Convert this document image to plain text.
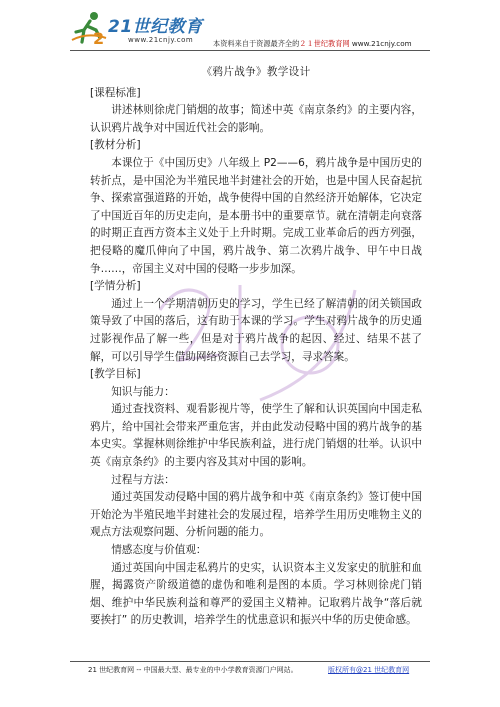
2
21世纪教育
www.21cnjy.com	本资料来自于资源最齐全的２１世纪教育网 www.21cnjy.com

《鸦片战争》教学设计

[课程标准]

讲述林则徐虎门销烟的故事；简述中英《南京条约》的主要内容，认识鸦片战争对中国近代社会的影响。

[教材分析]

本课位于《中国历史》八年级上 P2——6，鸦片战争是中国历史的转折点，是中国沦为半殖民地半封建社会的开始，也是中国人民奋起抗争、探索富强道路的开始，战争使得中国的自然经济开始解体，它决定了中国近百年的历史走向，是本册书中的重要章节。就在清朝走向衰落的时期正直西方资本主义处于上升时期。完成工业革命后的西方列强，把侵略的魔爪伸向了中国，鸦片战争、第二次鸦片战争、甲午中日战争……，帝国主义对中国的侵略一步步加深。

[学情分析]

通过上一个学期清朝历史的学习，学生已经了解清朝的闭关锁国政策导致了中国的落后，这有助于本课的学习。学生对鸦片战争的历史通过影视作品了解一些，但是对于鸦片战争的起因、经过、结果不甚了解，可以引导学生借助网络资源自己去学习，寻求答案。

[教学目标]

知识与能力：

通过查找资料、观看影视片等，使学生了解和认识英国向中国走私鸦片，给中国社会带来严重危害，并由此发动侵略中国的鸦片战争的基本史实。掌握林则徐维护中华民族利益，进行虎门销烟的壮举。认识中英《南京条约》的主要内容及其对中国的影响。

过程与方法：

通过英国发动侵略中国的鸦片战争和中英《南京条约》签订使中国开始沦为半殖民地半封建社会的发展过程，培养学生用历史唯物主义的观点方法观察问题、分析问题的能力。

情感态度与价值观：

通过英国向中国走私鸦片的史实，认识资本主义发家史的肮脏和血腥，揭露资产阶级道德的虚伪和唯利是图的本质。学习林则徐虎门销烟、维护中华民族利益和尊严的爱国主义精神。记取鸦片战争“落后就要挨打” 的历史教训，培养学生的忧患意识和振兴中华的历史使命感。

21 世纪教育网 -- 中国最大型、最专业的中小学教育资源门户网站。	版权所有@21 世纪教育网
